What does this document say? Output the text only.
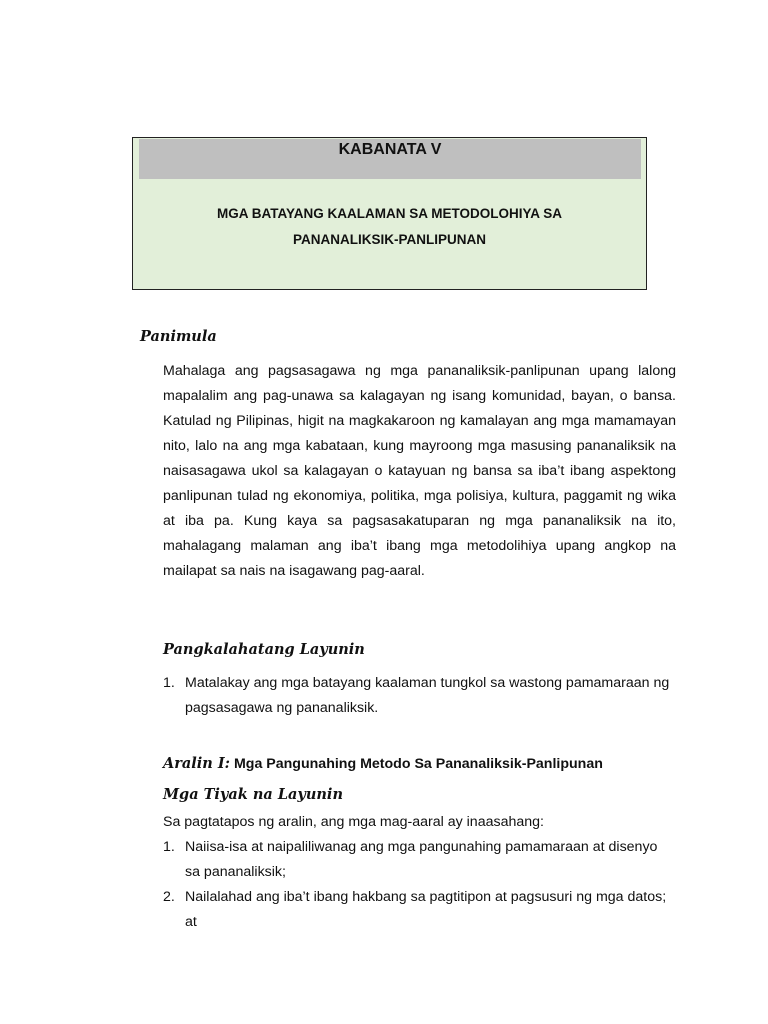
KABANATA V
MGA BATAYANG KAALAMAN SA METODOLOHIYA SA
PANANALIKSIK-PANLIPUNAN
Panimula

Mahalaga ang pagsasagawa ng mga pananaliksik-panlipunan upang lalong mapalalim ang pag-unawa sa kalagayan ng isang komunidad, bayan, o bansa. Katulad ng Pilipinas, higit na magkakaroon ng kamalayan ang mga mamamayan nito, lalo na ang mga kabataan, kung mayroong mga masusing pananaliksik na naisasagawa ukol sa kalagayan o katayuan ng bansa sa iba’t ibang aspektong panlipunan tulad ng ekonomiya, politika, mga polisiya, kultura, paggamit ng wika at iba pa. Kung kaya sa pagsasakatuparan ng mga pananaliksik na ito, mahalagang malaman ang iba’t ibang mga metodolihiya upang angkop na mailapat sa nais na isagawang pag-aaral.

Pangkalahatang Layunin
1. Matalakay ang mga batayang kaalaman tungkol sa wastong pamamaraan ng pagsasagawa ng pananaliksik.
Aralin I: Mga Pangunahing Metodo Sa Pananaliksik-Panlipunan
Mga Tiyak na Layunin
Sa pagtatapos ng aralin, ang mga mag-aaral ay inaasahang:
1. Naiisa-isa at naipaliliwanag ang mga pangunahing pamamaraan at disenyo sa pananaliksik;
2. Nailalahad ang iba’t ibang hakbang sa pagtitipon at pagsusuri ng mga datos; at
